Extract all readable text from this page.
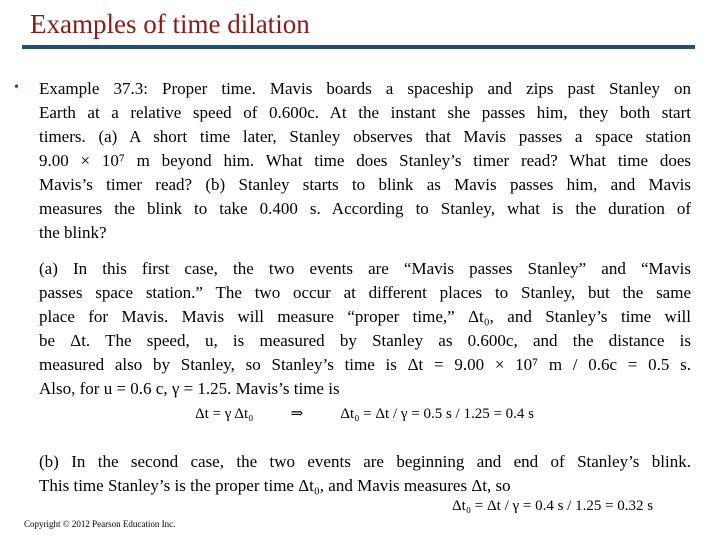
Examples of time dilation
• Example 37.3: Proper time. Mavis boards a spaceship and zips past Stanley on
Earth at a relative speed of 0.600c. At the instant she passes him, they both start
timers. (a) A short time later, Stanley observes that Mavis passes a space station
9.00 × 10⁷ m beyond him. What time does Stanley’s timer read? What time does
Mavis’s timer read? (b) Stanley starts to blink as Mavis passes him, and Mavis
measures the blink to take 0.400 s. According to Stanley, what is the duration of
the blink?
(a) In this first case, the two events are “Mavis passes Stanley” and “Mavis
passes space station.” The two occur at different places to Stanley, but the same
place for Mavis. Mavis will measure “proper time,” Δt₀, and Stanley’s time will
be Δt. The speed, u, is measured by Stanley as 0.600c, and the distance is
measured also by Stanley, so Stanley’s time is Δt = 9.00 × 10⁷ m / 0.6c = 0.5 s.
Also, for u = 0.6 c, γ = 1.25. Mavis’s time is
Δt = γ Δt₀ ⇒ Δt₀ = Δt / γ = 0.5 s / 1.25 = 0.4 s
(b) In the second case, the two events are beginning and end of Stanley’s blink.
This time Stanley’s is the proper time Δt₀, and Mavis measures Δt, so
Δt₀ = Δt / γ = 0.4 s / 1.25 = 0.32 s
Copyright © 2012 Pearson Education Inc.
